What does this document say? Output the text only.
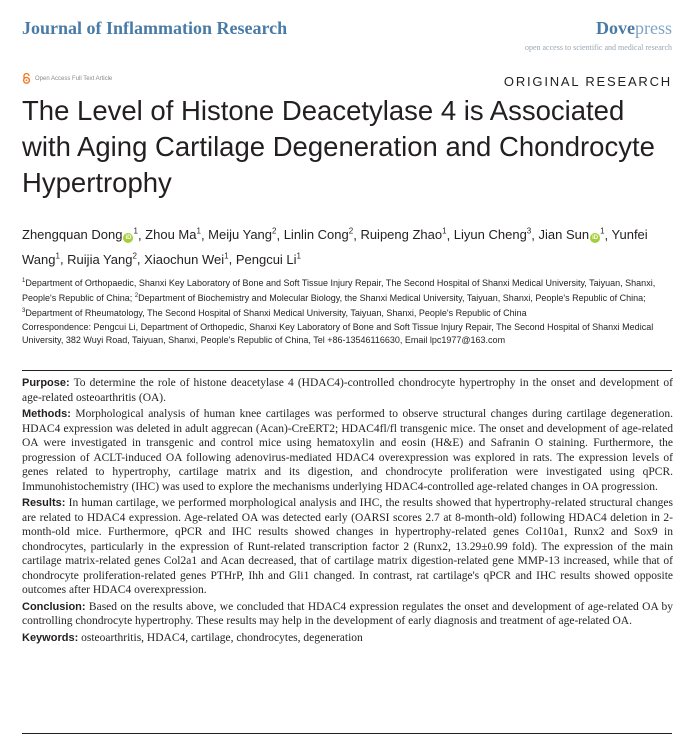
Journal of Inflammation Research	Dovepress
open access to scientific and medical research
Open Access Full Text Article	ORIGINAL RESEARCH
The Level of Histone Deacetylase 4 is Associated with Aging Cartilage Degeneration and Chondrocyte Hypertrophy

Zhengquan Dong $iD^1$, Zhou Ma$^1$, Meiju Yang$^2$, Linlin Cong$^2$, Ruipeng Zhao$^1$, Liyun Cheng$^3$, Jian Sun $iD^1$, Yunfei Wang$^1$, Ruijia Yang$^2$, Xiaochun Wei$^1$, Pengcui Li$^1$

$^1$Department of Orthopaedic, Shanxi Key Laboratory of Bone and Soft Tissue Injury Repair, The Second Hospital of Shanxi Medical University, Taiyuan, Shanxi, People's Republic of China; $^2$Department of Biochemistry and Molecular Biology, the Shanxi Medical University, Taiyuan, Shanxi, People's Republic of China; $^3$Department of Rheumatology, The Second Hospital of Shanxi Medical University, Taiyuan, Shanxi, People's Republic of China

Correspondence: Pengcui Li, Department of Orthopedic, Shanxi Key Laboratory of Bone and Soft Tissue Injury Repair, The Second Hospital of Shanxi Medical University, 382 Wuyi Road, Taiyuan, Shanxi, People's Republic of China, Tel +86-13546116630, Email lpc1977@163.com

Purpose: To determine the role of histone deacetylase 4 (HDAC4)-controlled chondrocyte hypertrophy in the onset and development of age-related osteoarthritis (OA).

Methods: Morphological analysis of human knee cartilages was performed to observe structural changes during cartilage degeneration. HDAC4 expression was deleted in adult aggrecan (Acan)-CreERT2; HDAC4fl/fl transgenic mice. The onset and development of age-related OA were investigated in transgenic and control mice using hematoxylin and eosin (H&E) and Safranin O staining. Furthermore, the progression of ACLT-induced OA following adenovirus-mediated HDAC4 overexpression was explored in rats. The expression levels of genes related to hypertrophy, cartilage matrix and its digestion, and chondrocyte proliferation were investigated using qPCR. Immunohistochemistry (IHC) was used to explore the mechanisms underlying HDAC4-controlled age-related changes in OA progression.

Results: In human cartilage, we performed morphological analysis and IHC, the results showed that hypertrophy-related structural changes are related to HDAC4 expression. Age-related OA was detected early (OARSI scores 2.7 at 8-month-old) following HDAC4 deletion in 2-month-old mice. Furthermore, qPCR and IHC results showed changes in hypertrophy-related genes Col10a1, Runx2 and Sox9 in chondrocytes, particularly in the expression of Runt-related transcription factor 2 (Runx2, 13.29±0.99 fold). The expression of the main cartilage matrix-related genes Col2a1 and Acan decreased, that of cartilage matrix digestion-related gene MMP-13 increased, while that of chondrocyte proliferation-related genes PTHrP, Ihh and Gli1 changed. In contrast, rat cartilage's qPCR and IHC results showed opposite outcomes after HDAC4 overexpression.

Conclusion: Based on the results above, we concluded that HDAC4 expression regulates the onset and development of age-related OA by controlling chondrocyte hypertrophy. These results may help in the development of early diagnosis and treatment of age-related OA.

Keywords: osteoarthritis, HDAC4, cartilage, chondrocytes, degeneration
